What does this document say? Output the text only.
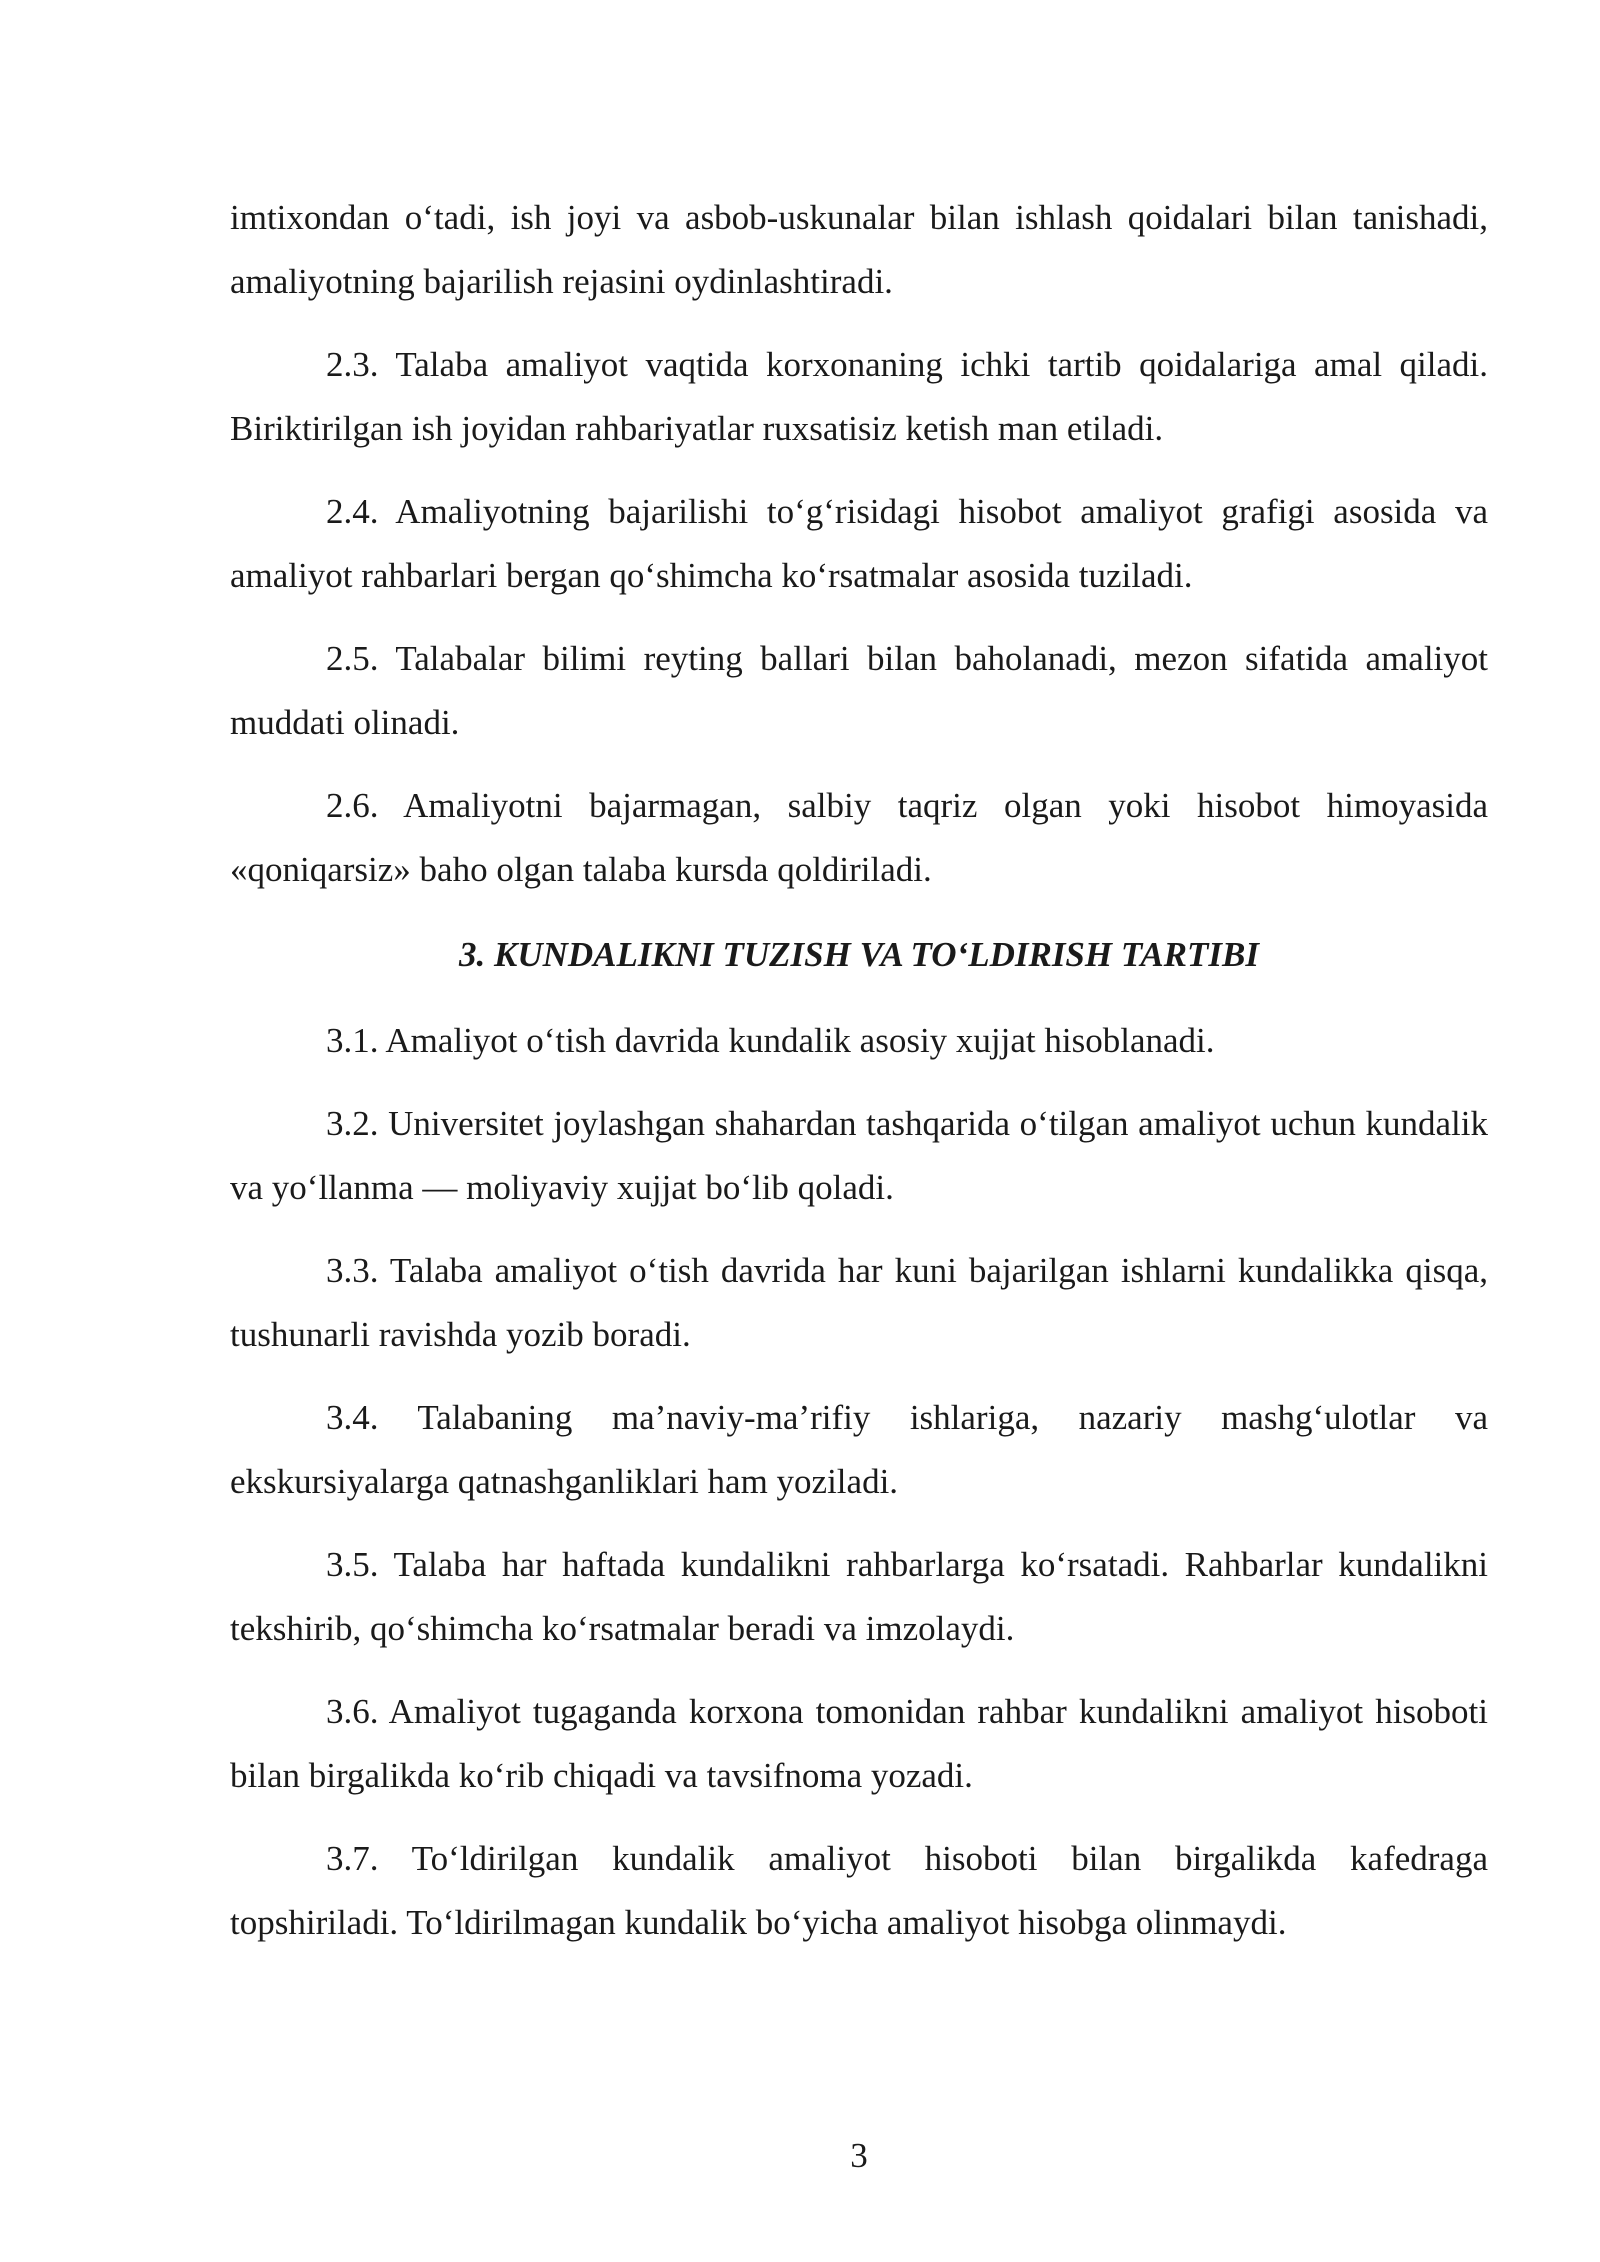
imtixondan o‘tadi, ish joyi va asbob-uskunalar bilan ishlash qoidalari bilan tanishadi, amaliyotning bajarilish rejasini oydinlashtiradi.

2.3. Talaba amaliyot vaqtida korxonaning ichki tartib qoidalariga amal qiladi. Biriktirilgan ish joyidan rahbariyatlar ruxsatisiz ketish man etiladi.

2.4. Amaliyotning bajarilishi to‘g‘risidagi hisobot amaliyot grafigi asosida va amaliyot rahbarlari bergan qo‘shimcha ko‘rsatmalar asosida tuziladi.

2.5. Talabalar bilimi reyting ballari bilan baholanadi, mezon sifatida amaliyot muddati olinadi.

2.6. Amaliyotni bajarmagan, salbiy taqriz olgan yoki hisobot himoyasida «qoniqarsiz» baho olgan talaba kursda qoldiriladi.

3. KUNDALIKNI TUZISH VA TO‘LDIRISH TARTIBI

3.1. Amaliyot o‘tish davrida kundalik asosiy xujjat hisoblanadi.

3.2. Universitet joylashgan shahardan tashqarida o‘tilgan amaliyot uchun kundalik va yo‘llanma — moliyaviy xujjat bo‘lib qoladi.

3.3. Talaba amaliyot o‘tish davrida har kuni bajarilgan ishlarni kundalikka qisqa, tushunarli ravishda yozib boradi.

3.4. Talabaning ma’naviy-ma’rifiy ishlariga, nazariy mashg‘ulotlar va ekskursiyalarga qatnashganliklari ham yoziladi.

3.5. Talaba har haftada kundalikni rahbarlarga ko‘rsatadi. Rahbarlar kundalikni tekshirib, qo‘shimcha ko‘rsatmalar beradi va imzolaydi.

3.6. Amaliyot tugaganda korxona tomonidan rahbar kundalikni amaliyot hisoboti bilan birgalikda ko‘rib chiqadi va tavsifnoma yozadi.

3.7. To‘ldirilgan kundalik amaliyot hisoboti bilan birgalikda kafedraga topshiriladi. To‘ldirilmagan kundalik bo‘yicha amaliyot hisobga olinmaydi.

3
